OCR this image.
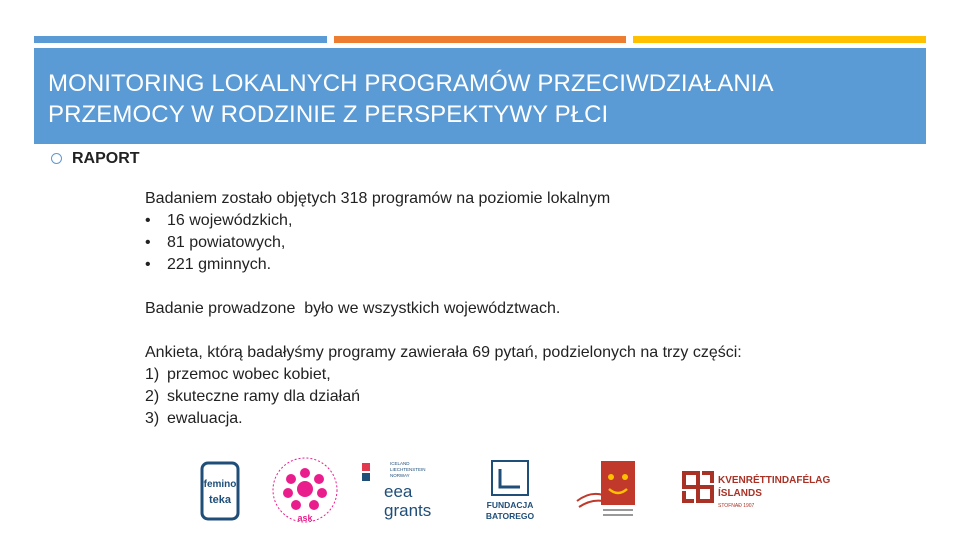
MONITORING LOKALNYCH PROGRAMÓW PRZECIWDZIAŁANIA
PRZEMOCY W RODZINIE Z PERSPEKTYWY PŁCI
RAPORT

Badaniem zostało objętych 318 programów na poziomie lokalnym

•	16 wojewódzkich,
•	81 powiatowych,
•	221 gminnych.

Badanie prowadzone  było we wszystkich województwach.

Ankieta, którą badałyśmy programy zawierała 69 pytań, podzielonych na trzy części:

1) przemoc wobec kobiet,
2) skuteczne ramy dla działań
3) ewaluacja.
femino
teka
ask
ICELAND
LIECHTENSTEIN
NORWAY
eea
grants	FUNDACJA
BATOREGO
KVENRÉTTINDAFÉLAG
ÍSLANDS
STOFNAÐ 1907
